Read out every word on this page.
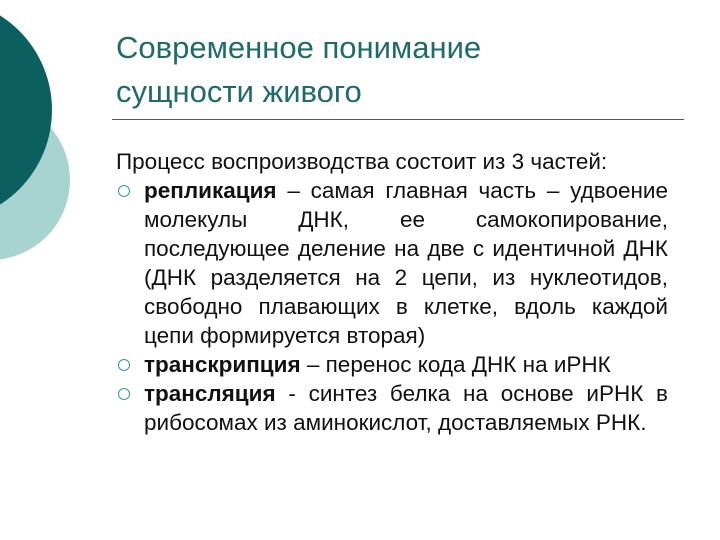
Современное понимание
сущности живого

Процесс воспроизводства состоит из 3 частей:

репликация – самая главная часть – удвоение молекулы ДНК, ее самокопирование, последующее деление на две с идентичной ДНК (ДНК разделяется на 2 цепи, из нуклеотидов, свободно плавающих в клетке, вдоль каждой цепи формируется вторая)

транскрипция – перенос кода ДНК на иРНК

трансляция - синтез белка на основе иРНК в рибосомах из аминокислот, доставляемых РНК.
